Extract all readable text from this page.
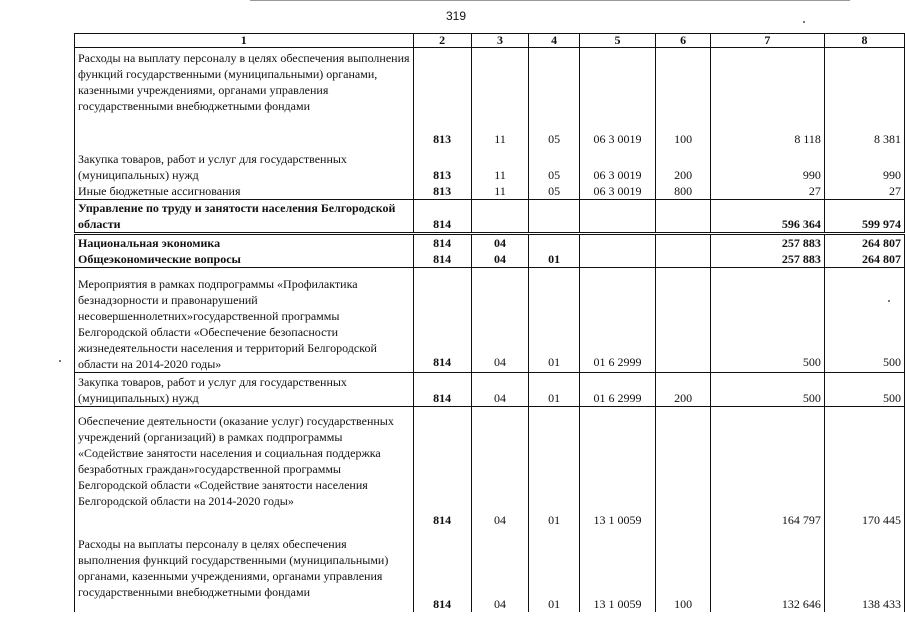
319
1	2	3	4	5	6	7	8
Расходы на выплату персоналу в целях обеспечения выполнения функций государственными (муниципальными) органами, казенными учреждениями, органами управления государственными внебюджетными фондами	813	11	05	06 3 0019	100	8 118	8 381
Закупка товаров, работ и услуг для государственных (муниципальных) нужд	813	11	05	06 3 0019	200	990	990
Иные бюджетные ассигнования	813	11	05	06 3 0019	800	27	27
Управление по труду и занятости населения Белгородской области	814					596 364	599 974
Национальная экономика	814	04				257 883	264 807
Общеэкономические вопросы	814	04	01			257 883	264 807
Мероприятия в рамках подпрограммы «Профилактика безнадзорности и правонарушений несовершеннолетних»государственной программы Белгородской области «Обеспечение безопасности жизнедеятельности населения и территорий Белгородской области на 2014-2020 годы»	814	04	01	01 6 2999		500	500
Закупка товаров, работ и услуг для государственных (муниципальных) нужд	814	04	01	01 6 2999	200	500	500
Обеспечение деятельности (оказание услуг) государственных учреждений (организаций) в рамках подпрограммы «Содействие занятости населения и социальная поддержка безработных граждан»государственной программы Белгородской области «Содействие занятости населения Белгородской области на 2014-2020 годы»	814	04	01	13 1 0059		164 797	170 445
Расходы на выплаты персоналу в целях обеспечения выполнения функций государственными (муниципальными) органами, казенными учреждениями, органами управления государственными внебюджетными фондами	814	04	01	13 1 0059	100	132 646	138 433
